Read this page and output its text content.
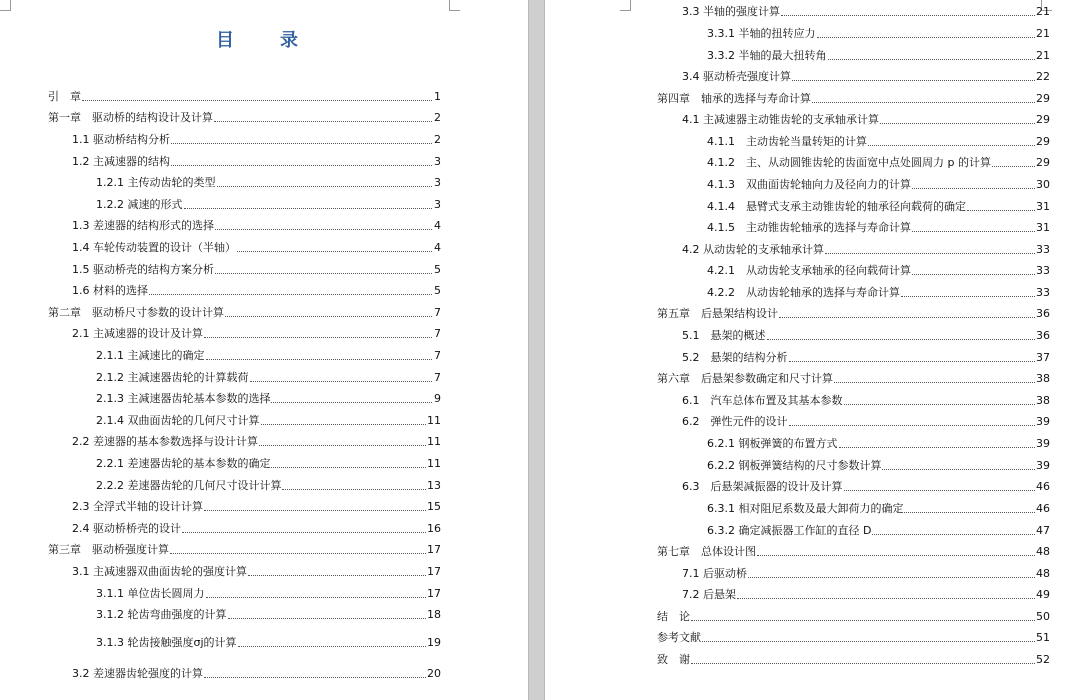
目　录
引　章	1
第一章　驱动桥的结构设计及计算	2
1.1 驱动桥结构分析	2
1.2 主减速器的结构	3
1.2.1 主传动齿轮的类型	3
1.2.2 减速的形式	3
1.3 差速器的结构形式的选择	4
1.4 车轮传动装置的设计（半轴）	4
1.5 驱动桥壳的结构方案分析	5
1.6 材料的选择	5
第二章　驱动桥尺寸参数的设计计算	7
2.1 主减速器的设计及计算	7
2.1.1 主减速比的确定	7
2.1.2 主减速器齿轮的计算载荷	7
2.1.3 主减速器齿轮基本参数的选择	9
2.1.4 双曲面齿轮的几何尺寸计算	11
2.2 差速器的基本参数选择与设计计算	11
2.2.1 差速器齿轮的基本参数的确定	11
2.2.2 差速器齿轮的几何尺寸设计计算	13
2.3 全浮式半轴的设计计算	15
2.4 驱动桥桥壳的设计	16
第三章　驱动桥强度计算	17
3.1 主减速器双曲面齿轮的强度计算	17
3.1.1 单位齿长圆周力	17
3.1.2 轮齿弯曲强度的计算	18
3.1.3 轮齿接触强度σj的计算	19
3.2 差速器齿轮强度的计算	20
3.3 半轴的强度计算	21
3.3.1 半轴的扭转应力	21
3.3.2 半轴的最大扭转角	21
3.4 驱动桥壳强度计算	22
第四章　轴承的选择与寿命计算	29
4.1 主减速器主动锥齿轮的支承轴承计算	29
4.1.1　主动齿轮当量转矩的计算	29
4.1.2　主、从动圆锥齿轮的齿面宽中点处圆周力 p 的计算	29
4.1.3　双曲面齿轮轴向力及径向力的计算	30
4.1.4　悬臂式支承主动锥齿轮的轴承径向载荷的确定	31
4.1.5　主动锥齿轮轴承的选择与寿命计算	31
4.2 从动齿轮的支承轴承计算	33
4.2.1　从动齿轮支承轴承的径向载荷计算	33
4.2.2　从动齿轮轴承的选择与寿命计算	33
第五章　后悬架结构设计	36
5.1　悬架的概述	36
5.2　悬架的结构分析	37
第六章　后悬架参数确定和尺寸计算	38
6.1　汽车总体布置及其基本参数	38
6.2　弹性元件的设计	39
6.2.1 钢板弹簧的布置方式	39
6.2.2 钢板弹簧结构的尺寸参数计算	39
6.3　后悬架减振器的设计及计算	46
6.3.1 相对阻尼系数及最大卸荷力的确定	46
6.3.2 确定减振器工作缸的直径 D	47
第七章　总体设计图	48
7.1 后驱动桥	48
7.2 后悬架	49
结　论	50
参考文献	51
致　谢	52
